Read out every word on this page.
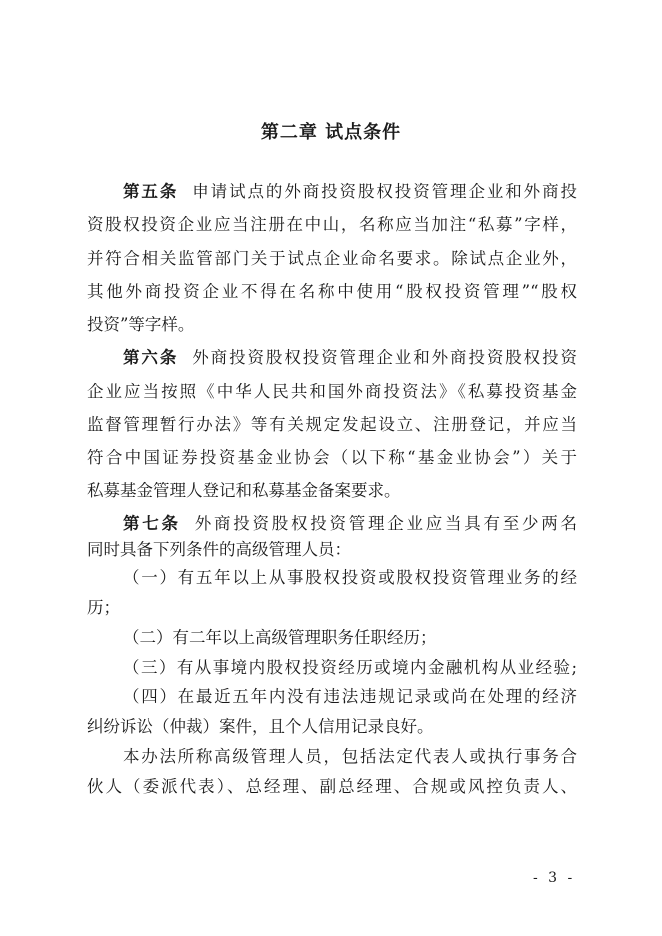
第二章 试点条件
第五条 申请试点的外商投资股权投资管理企业和外商投
资股权投资企业应当注册在中山，名称应当加注“私募”字样，
并符合相关监管部门关于试点企业命名要求。除试点企业外，
其他外商投资企业不得在名称中使用“股权投资管理”“股权
投资”等字样。
第六条 外商投资股权投资管理企业和外商投资股权投资
企业应当按照《中华人民共和国外商投资法》《私募投资基金
监督管理暂行办法》等有关规定发起设立、注册登记，并应当
符合中国证券投资基金业协会（以下称“基金业协会”）关于
私募基金管理人登记和私募基金备案要求。
第七条 外商投资股权投资管理企业应当具有至少两名
同时具备下列条件的高级管理人员：
（一）有五年以上从事股权投资或股权投资管理业务的经
历；
（二）有二年以上高级管理职务任职经历；
（三）有从事境内股权投资经历或境内金融机构从业经验;
（四）在最近五年内没有违法违规记录或尚在处理的经济
纠纷诉讼（仲裁）案件，且个人信用记录良好。
本办法所称高级管理人员，包括法定代表人或执行事务合
伙人（委派代表）、总经理、副总经理、合规或风控负责人、
- 3 -
